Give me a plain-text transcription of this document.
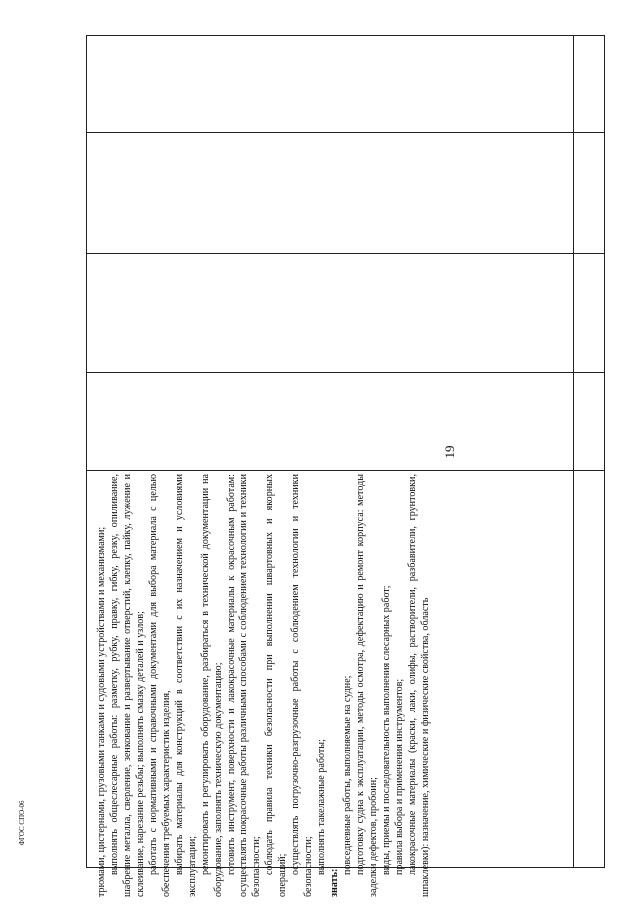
19
ФГОС СПО-06	трюмами, цистернами, грузовыми танками и судовыми устройствами и механизмами; выполнять общеслесарные работы: разметку, рубку, правку, гибку, резку, опиливание, шабрение металла, сверление, зенкование и развертывание отверстий, клепку, пайку, лужение и склеивание, нарезание резьбы; выполнять смазку деталей и узлов; работать с нормативными и справочными документами для выбора материала с целью обеспечения требуемых характеристик изделия, выбирать материалы для конструкций в соответствии с их назначением и условиями эксплуатации; ремонтировать и регулировать оборудование, разбираться в технической документации на оборудование, заполнять техническую документацию; готовить инструмент, поверхности и лакокрасочные материалы к окрасочным работам: осуществлять покрасочные работы различными способами с соблюдением технологии и техники безопасности; соблюдать правила техники безопасности при выполнении швартовных и якорных операций;

осуществлять погрузочно-разгрузочные работы с соблюдением технологии и техники безопасности; выполнять такелажные работы;

знать:

повседневные работы, выполняемые на судне; подготовку судна к эксплуатации, методы осмотра, дефектацию и ремонт корпуса: методы заделки дефектов, пробоин; виды, приемы и последовательность выполнения слесарных работ; правила выбора и применения инструментов; лакокрасочные материалы (краски, лаки, олифы, растворители, разбавители, грунтовки, шпаклевки): назначение, химические и физические свойства, область
